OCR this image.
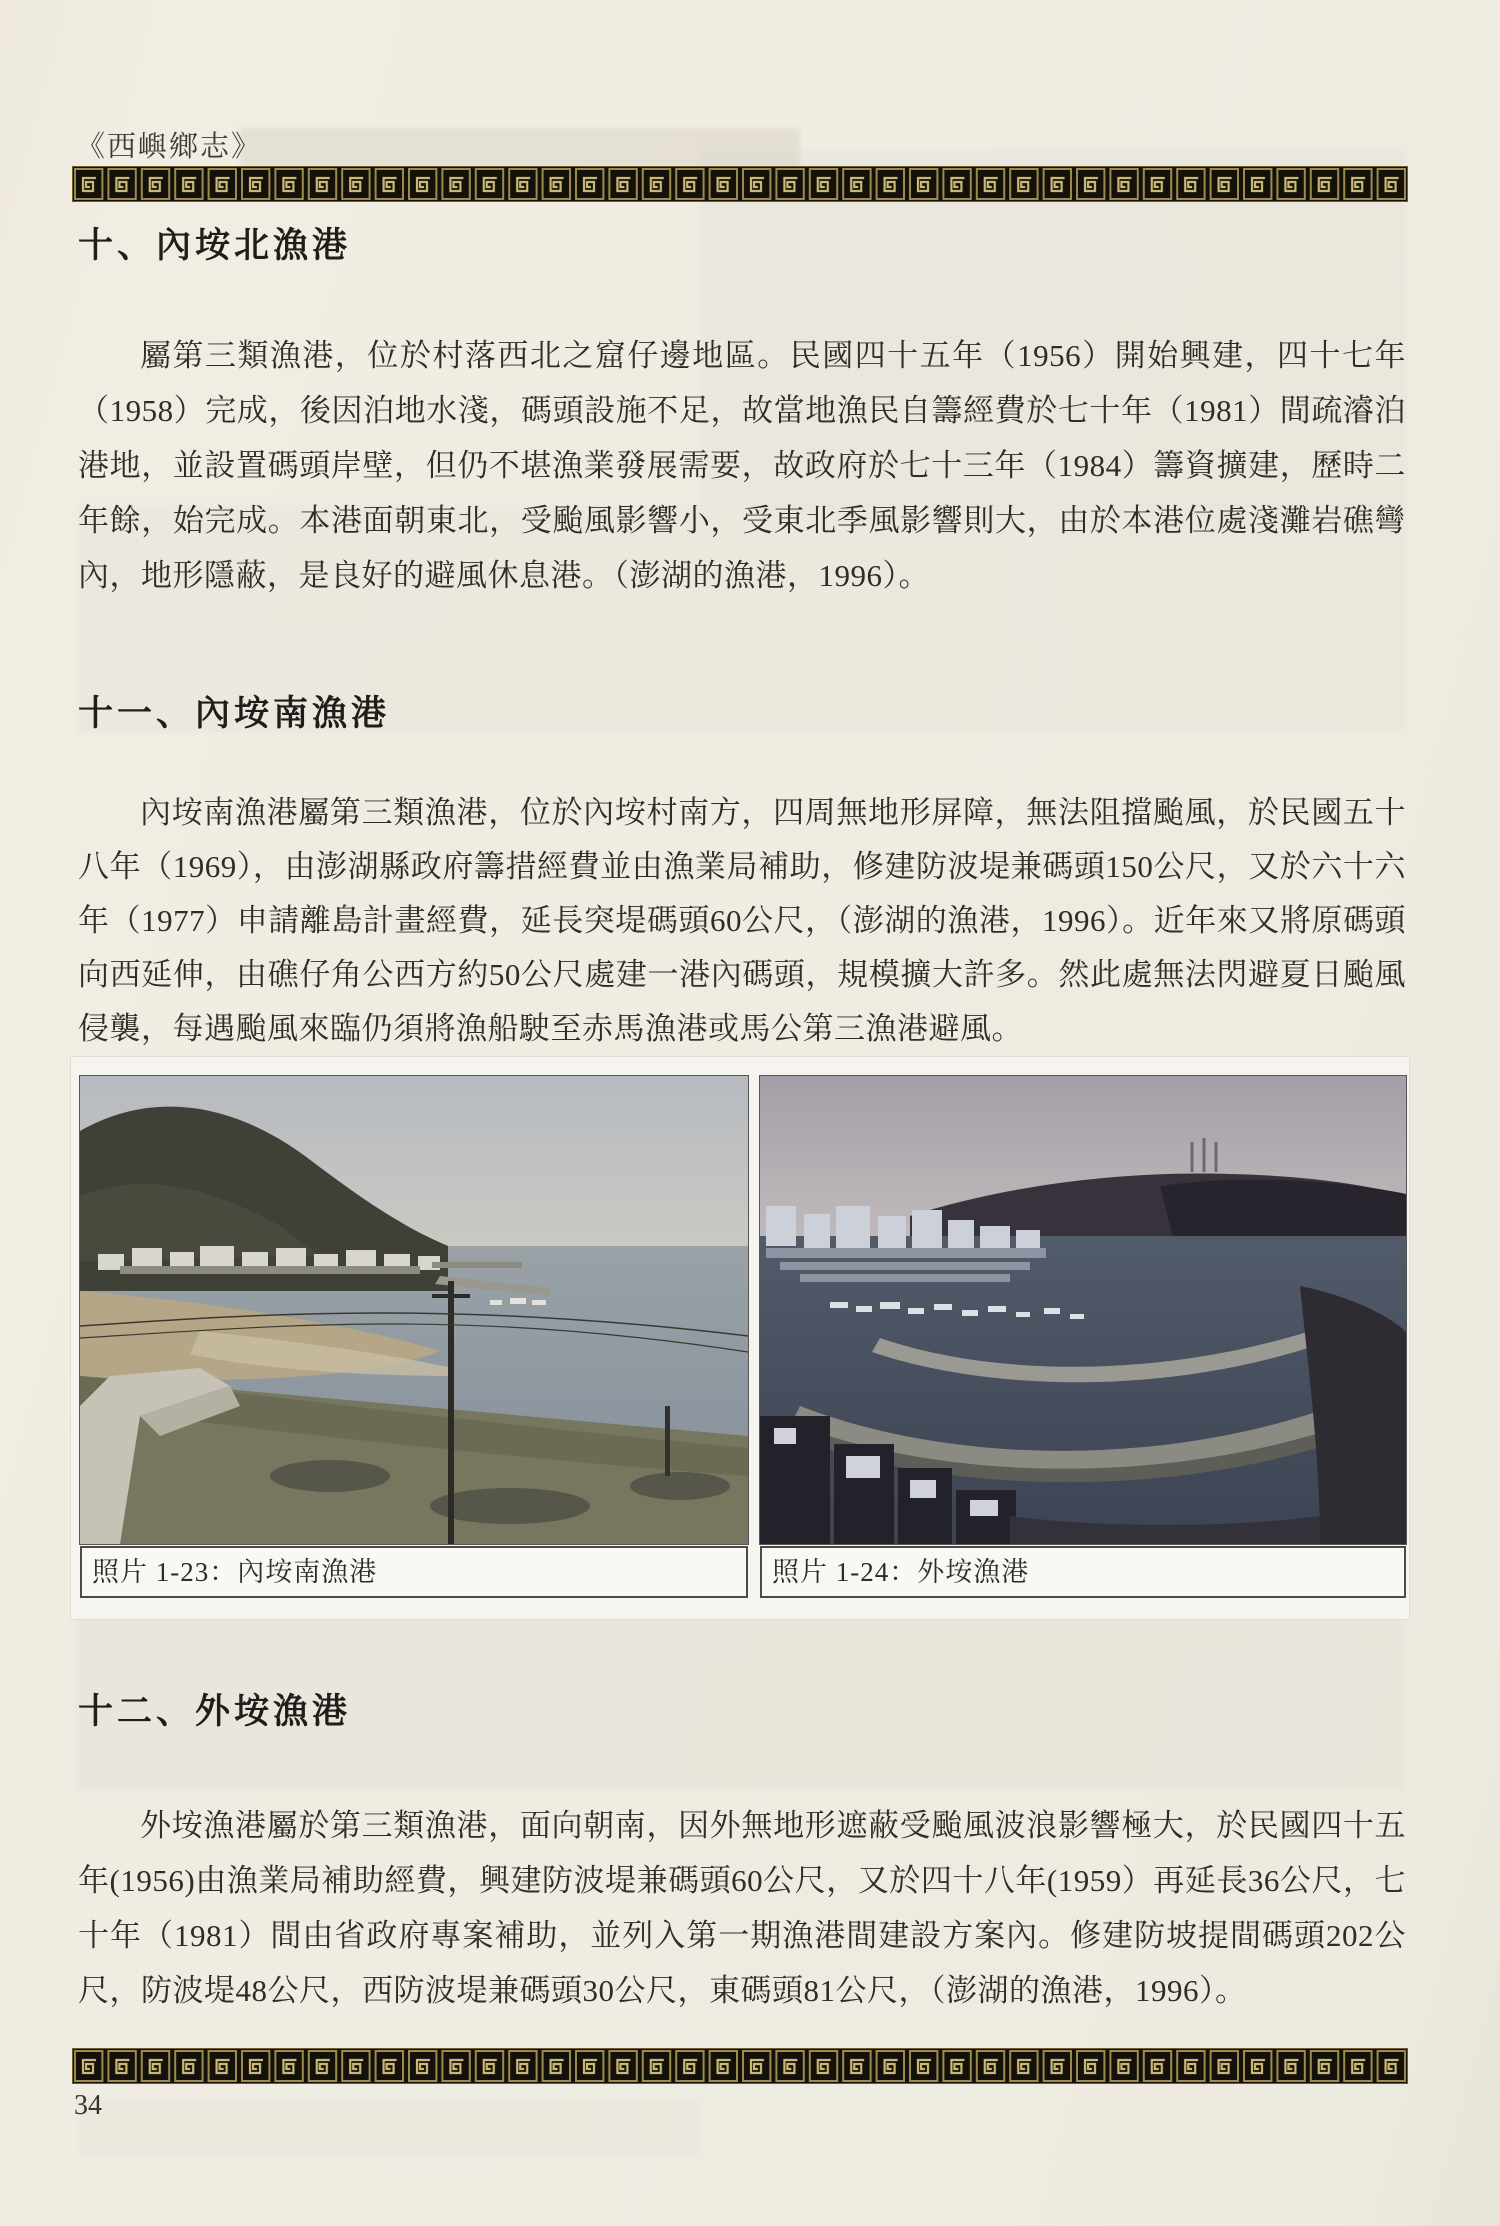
《西嶼鄉志》
十、內垵北漁港

屬第三類漁港，位於村落西北之窟仔邊地區。民國四十五年（1956）開始興建，四十七年（1958）完成，後因泊地水淺，碼頭設施不足，故當地漁民自籌經費於七十年（1981）間疏濬泊港地，並設置碼頭岸壁，但仍不堪漁業發展需要，故政府於七十三年（1984）籌資擴建，歷時二年餘，始完成。本港面朝東北，受颱風影響小，受東北季風影響則大，由於本港位處淺灘岩礁彎內，地形隱蔽，是良好的避風休息港。（澎湖的漁港，1996）。

十一、內垵南漁港

內垵南漁港屬第三類漁港，位於內垵村南方，四周無地形屏障，無法阻擋颱風，於民國五十八年（1969），由澎湖縣政府籌措經費並由漁業局補助，修建防波堤兼碼頭150公尺，又於六十六年（1977）申請離島計畫經費，延長突堤碼頭60公尺，（澎湖的漁港，1996）。近年來又將原碼頭向西延伸，由礁仔角公西方約50公尺處建一港內碼頭，規模擴大許多。然此處無法閃避夏日颱風侵襲，每遇颱風來臨仍須將漁船駛至赤馬漁港或馬公第三漁港避風。

照片 1-23：內垵南漁港	照片 1-24：外垵漁港
十二、外垵漁港

外垵漁港屬於第三類漁港，面向朝南，因外無地形遮蔽受颱風波浪影響極大，於民國四十五年(1956)由漁業局補助經費，興建防波堤兼碼頭60公尺，又於四十八年(1959）再延長36公尺，七十年（1981）間由省政府專案補助，並列入第一期漁港間建設方案內。修建防坡提間碼頭202公尺，防波堤48公尺，西防波堤兼碼頭30公尺，東碼頭81公尺，（澎湖的漁港，1996）。

34
